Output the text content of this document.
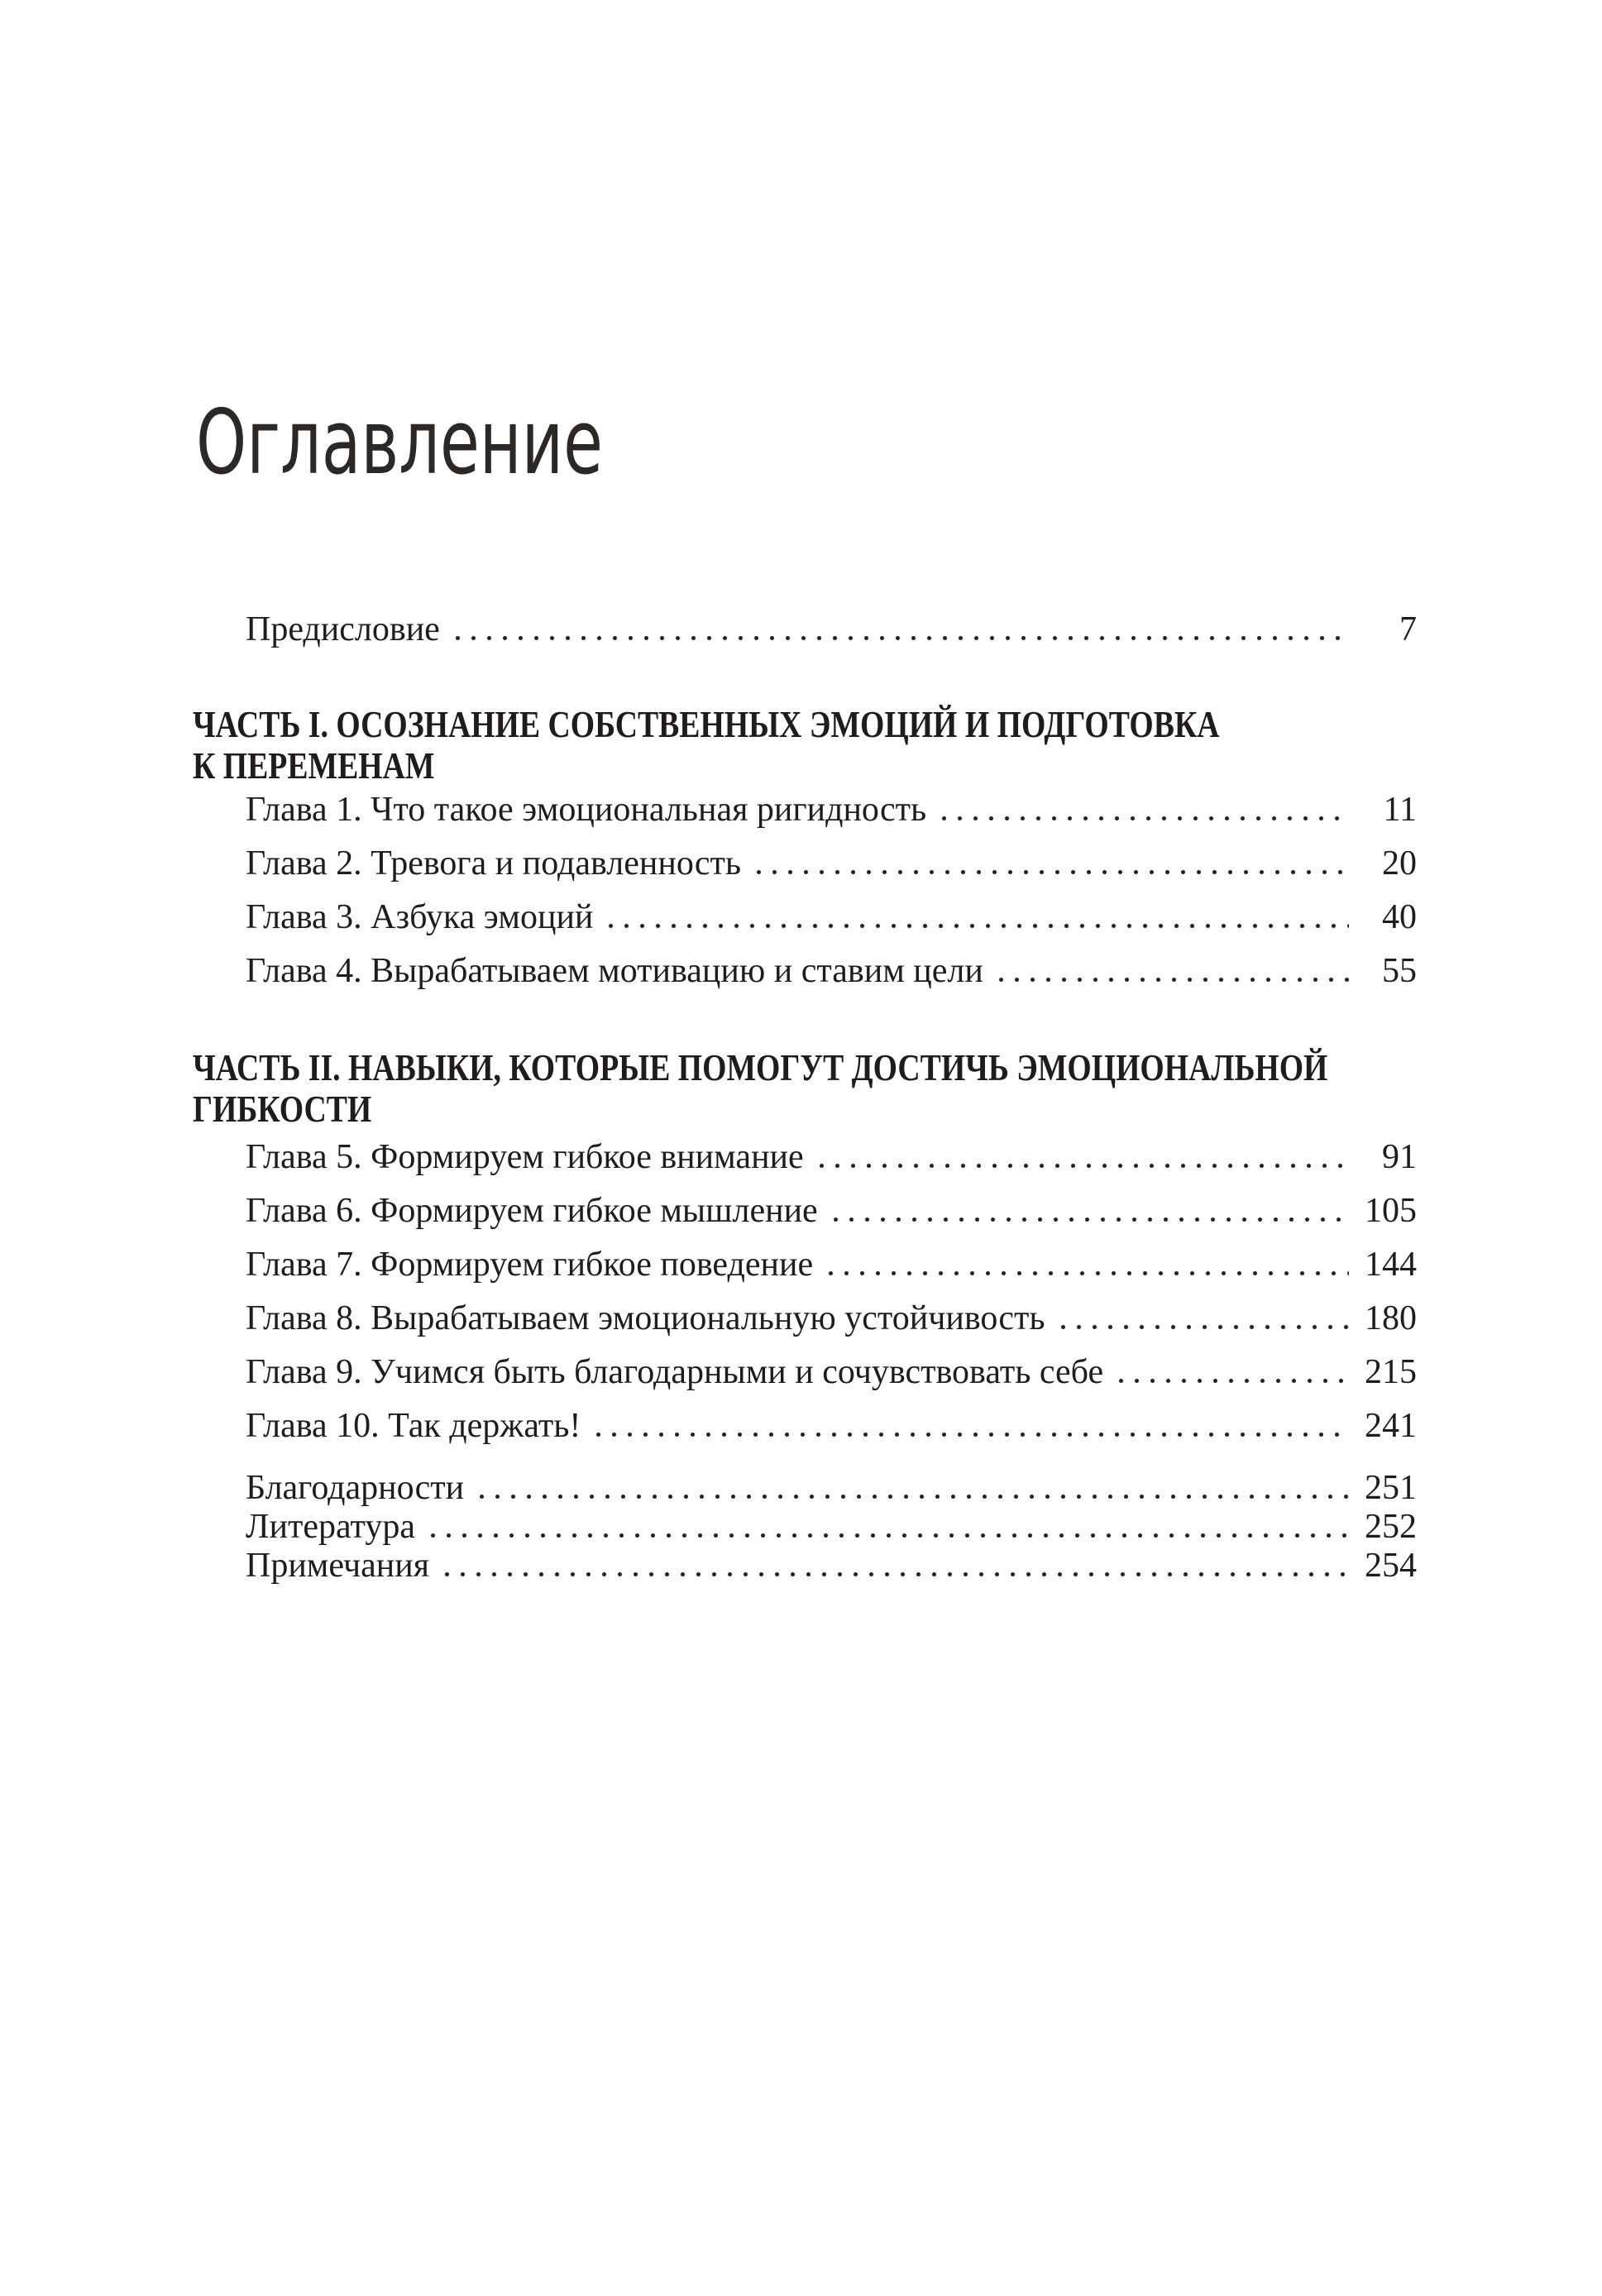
Оглавление
Предисловие	7
ЧАСТЬ I. ОСОЗНАНИЕ СОБСТВЕННЫХ ЭМОЦИЙ И ПОДГОТОВКА
К ПЕРЕМЕНАМ
Глава 1. Что такое эмоциональная ригидность	11
Глава 2. Тревога и подавленность	20
Глава 3. Азбука эмоций	40
Глава 4. Вырабатываем мотивацию и ставим цели	55
ЧАСТЬ II. НАВЫКИ, КОТОРЫЕ ПОМОГУТ ДОСТИЧЬ ЭМОЦИОНАЛЬНОЙ
ГИБКОСТИ
Глава 5. Формируем гибкое внимание	91
Глава 6. Формируем гибкое мышление	105
Глава 7. Формируем гибкое поведение	144
Глава 8. Вырабатываем эмоциональную устойчивость	180
Глава 9. Учимся быть благодарными и сочувствовать себе	215
Глава 10. Так держать!	241
Благодарности	251
Литература	252
Примечания	254
